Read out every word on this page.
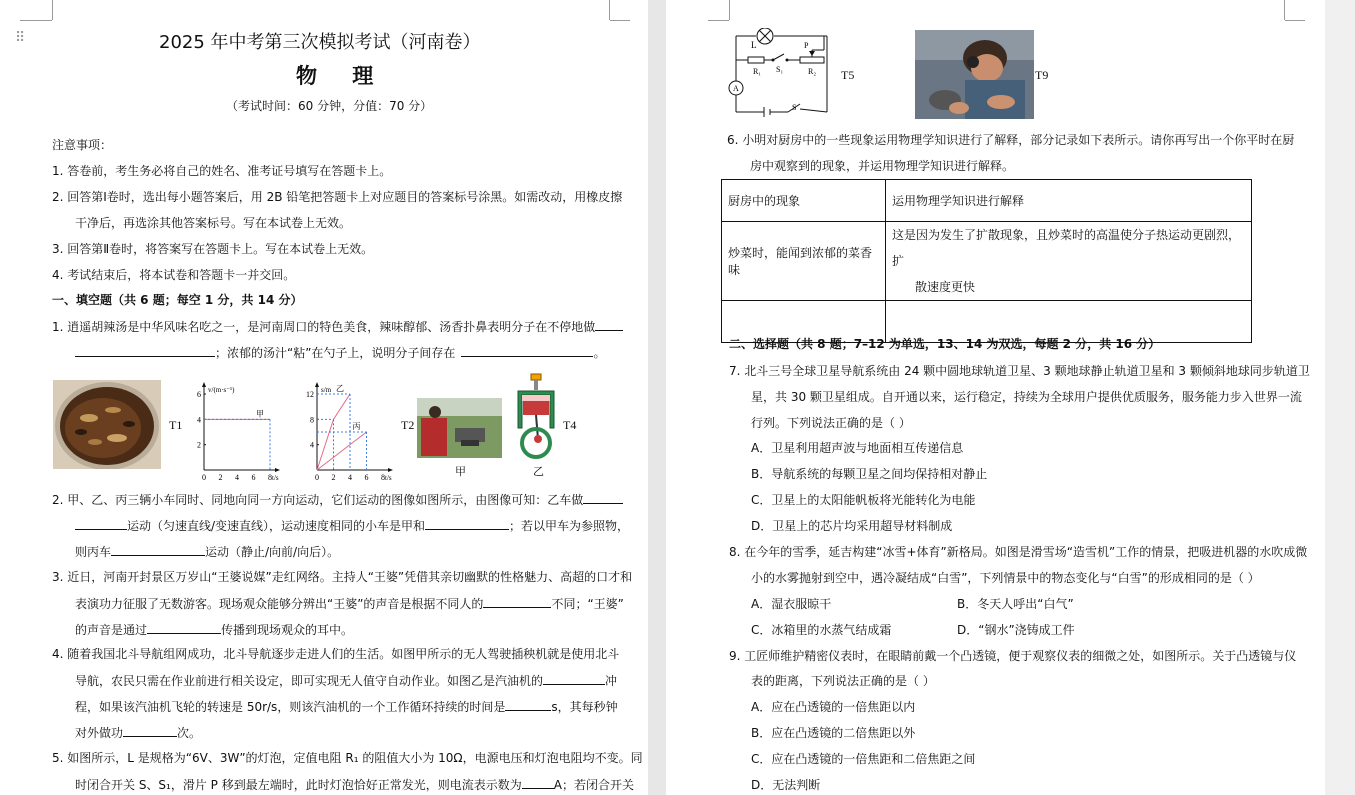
⠿	2025 年中考第三次模拟考试（河南卷）
物 理
（考试时间：60 分钟，分值：70 分）
注意事项：
1. 答卷前，考生务必将自己的姓名、准考证号填写在答题卡上。
2. 回答第Ⅰ卷时，选出每小题答案后，用 2B 铅笔把答题卡上对应题目的答案标号涂黑。如需改动，用橡皮擦
干净后，再选涂其他答案标号。写在本试卷上无效。
3. 回答第Ⅱ卷时，将答案写在答题卡上。写在本试卷上无效。
4. 考试结束后，将本试卷和答题卡一并交回。
一、填空题（共 6 题；每空 1 分，共 14 分）
1. 逍遥胡辣汤是中华风味名吃之一，是河南周口的特色美食，辣味醇郁、汤香扑鼻表明分子在不停地做
；浓郁的汤汁“粘”在勺子上，说明分子间存在	。
T1
0 2 4 6 8
2
4
6
t/s
v/(m·s⁻¹)
甲
0 2 4 6 8
4
8
12
t/s
s/m 乙
丙	T2
甲
T4
乙
2. 甲、乙、丙三辆小车同时、同地向同一方向运动，它们运动的图像如图所示，由图像可知：乙车做
运动（匀速直线/变速直线），运动速度相同的小车是甲和	；若以甲车为参照物，
则丙车	运动（静止/向前/向后）。
3. 近日，河南开封景区万岁山“王婆说媒”走红网络。主持人“王婆”凭借其亲切幽默的性格魅力、高超的口才和
表演功力征服了无数游客。现场观众能够分辨出“王婆”的声音是根据不同人的	不同；“王婆”
的声音是通过	传播到现场观众的耳中。
4. 随着我国北斗导航组网成功，北斗导航逐步走进人们的生活。如图甲所示的无人驾驶插秧机就是使用北斗
导航，农民只需在作业前进行相关设定，即可实现无人值守自动作业。如图乙是汽油机的	冲
程，如果该汽油机飞轮的转速是 50r/s，则该汽油机的一个工作循环持续的时间是	s，其每秒钟
对外做功	次。
5. 如图所示，L 是规格为“6V、3W”的灯泡，定值电阻 R₁ 的阻值大小为 10Ω，电源电压和灯泡电阻均不变。同
时闭合开关 S、S₁，滑片 P 移到最左端时，此时灯泡恰好正常发光，则电流表示数为	A；若闭合开关
L
R₁ S₁
P
R₂
A
S
T5	T9
6. 小明对厨房中的一些现象运用物理学知识进行了解释，部分记录如下表所示。请你再写出一个你平时在厨
房中观察到的现象，并运用物理学知识进行解释。
厨房中的现象	运用物理学知识进行解释
炒菜时，能闻到浓郁的菜香味	这是因为发生了扩散现象，且炒菜时的高温使分子热运动更剧烈，扩
散速度更快

二、选择题（共 8 题；7–12 为单选，13、14 为双选，每题 2 分，共 16 分）
7. 北斗三号全球卫星导航系统由 24 颗中圆地球轨道卫星、3 颗地球静止轨道卫星和 3 颗倾斜地球同步轨道卫
星，共 30 颗卫星组成。自开通以来，运行稳定，持续为全球用户提供优质服务，服务能力步入世界一流
行列。下列说法正确的是（ ）
A．卫星利用超声波与地面相互传递信息
B．导航系统的每颗卫星之间均保持相对静止
C．卫星上的太阳能帆板将光能转化为电能
D．卫星上的芯片均采用超导材料制成
8. 在今年的雪季，延吉构建“冰雪+体育”新格局。如图是滑雪场“造雪机”工作的情景，把吸进机器的水吹成微
小的水雾抛射到空中，遇冷凝结成“白雪”，下列情景中的物态变化与“白雪”的形成相同的是（ ）
A．湿衣服晾干	B．冬天人呼出“白气”
C．冰箱里的水蒸气结成霜	D．“钢水”浇铸成工件
9. 工匠师维护精密仪表时，在眼睛前戴一个凸透镜，便于观察仪表的细微之处，如图所示。关于凸透镜与仪
表的距离，下列说法正确的是（ ）
A．应在凸透镜的一倍焦距以内
B．应在凸透镜的二倍焦距以外
C．应在凸透镜的一倍焦距和二倍焦距之间
D．无法判断
